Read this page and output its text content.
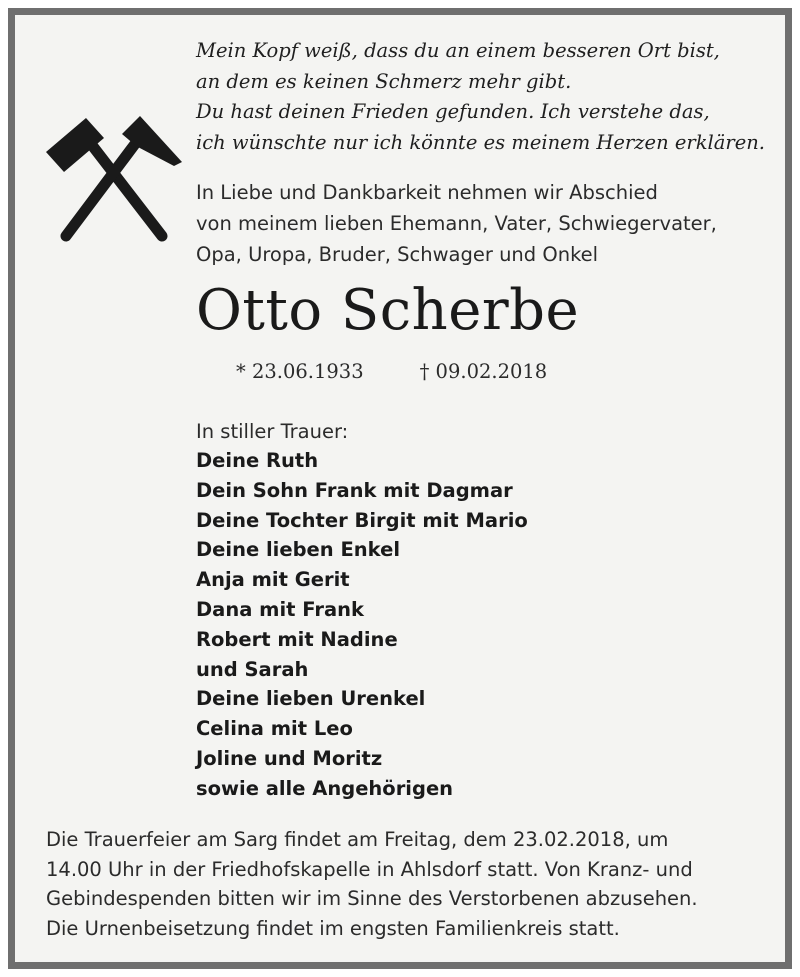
Mein Kopf weiß, dass du an einem besseren Ort bist,
an dem es keinen Schmerz mehr gibt.
Du hast deinen Frieden gefunden. Ich verstehe das,
ich wünschte nur ich könnte es meinem Herzen erklären.
In Liebe und Dankbarkeit nehmen wir Abschied
von meinem lieben Ehemann, Vater, Schwiegervater,
Opa, Uropa, Bruder, Schwager und Onkel
Otto Scherbe
* 23.06.1933	† 09.02.2018
In stiller Trauer:
Deine Ruth
Dein Sohn Frank mit Dagmar
Deine Tochter Birgit mit Mario
Deine lieben Enkel
Anja mit Gerit
Dana mit Frank
Robert mit Nadine
und Sarah
Deine lieben Urenkel
Celina mit Leo
Joline und Moritz
sowie alle Angehörigen
Die Trauerfeier am Sarg findet am Freitag, dem 23.02.2018, um
14.00 Uhr in der Friedhofskapelle in Ahlsdorf statt. Von Kranz- und
Gebindespenden bitten wir im Sinne des Verstorbenen abzusehen.
Die Urnenbeisetzung findet im engsten Familienkreis statt.
